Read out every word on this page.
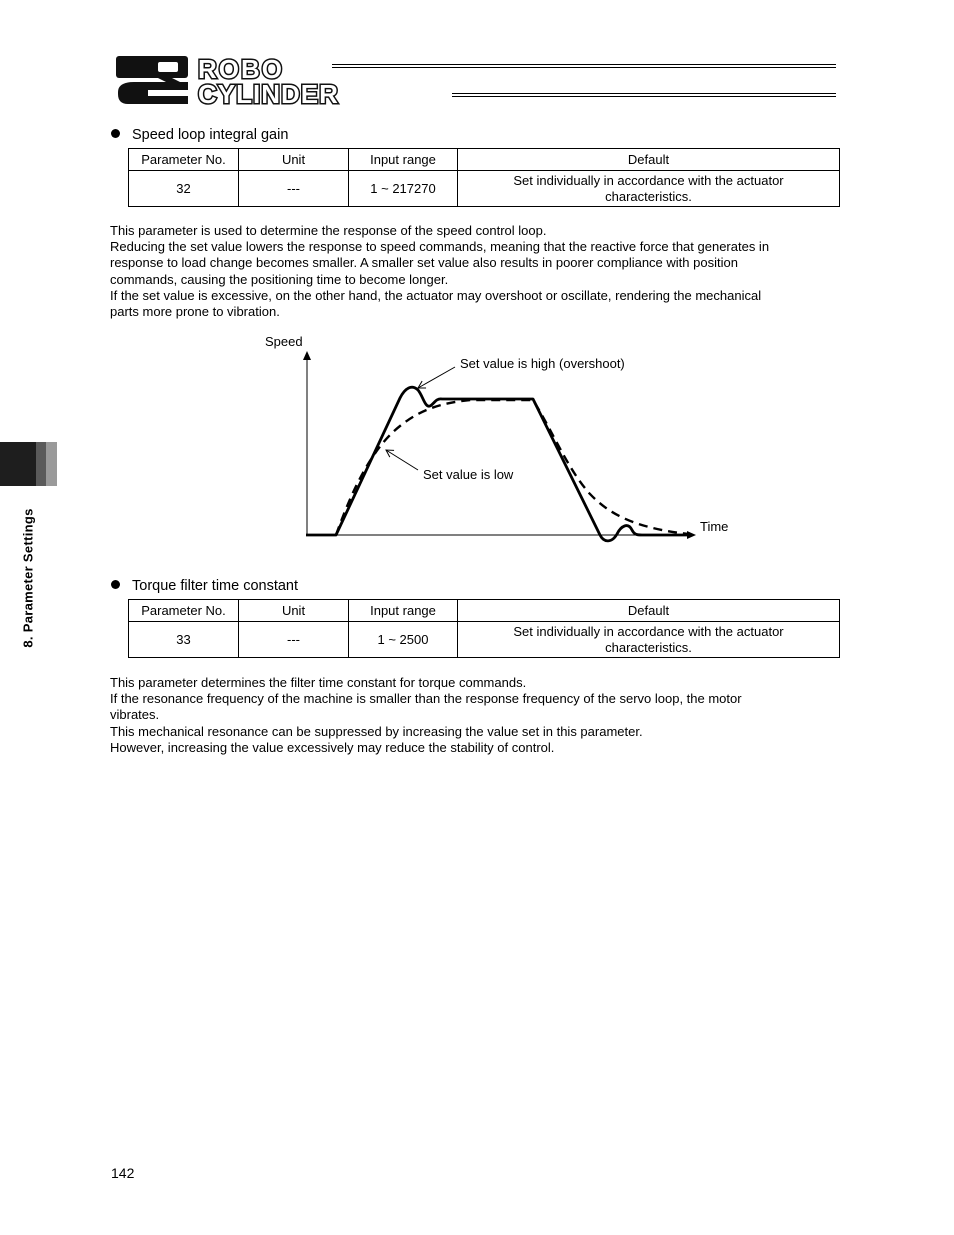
ROBO
CYLINDER
8. Parameter Settings
Speed loop integral gain
Parameter No.	Unit	Input range	Default
32	---	1 ~ 217270	Set individually in accordance with the actuator
characteristics.
This parameter is used to determine the response of the speed control loop.
Reducing the set value lowers the response to speed commands, meaning that the reactive force that generates in
response to load change becomes smaller. A smaller set value also results in poorer compliance with position
commands, causing the positioning time to become longer.
If the set value is excessive, on the other hand, the actuator may overshoot or oscillate, rendering the mechanical
parts more prone to vibration.
Speed
Time
Set value is high (overshoot)
Set value is low
Torque filter time constant
Parameter No.	Unit	Input range	Default
33	---	1 ~ 2500	Set individually in accordance with the actuator
characteristics.
This parameter determines the filter time constant for torque commands.
If the resonance frequency of the machine is smaller than the response frequency of the servo loop, the motor
vibrates.
This mechanical resonance can be suppressed by increasing the value set in this parameter.
However, increasing the value excessively may reduce the stability of control.
142
